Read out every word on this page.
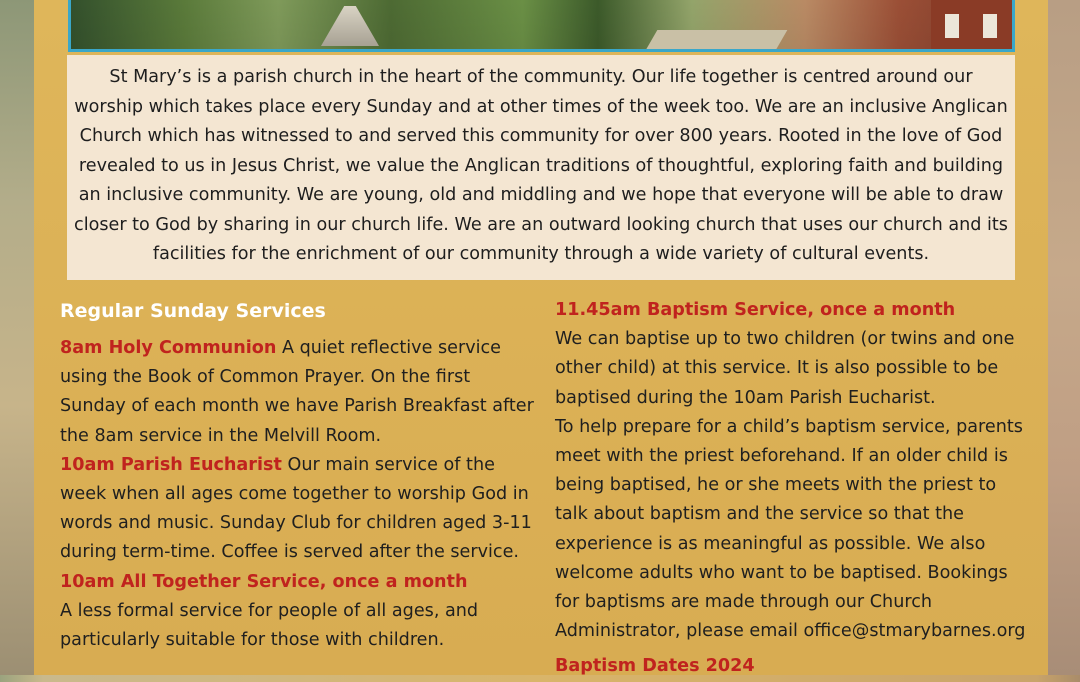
St Mary’s is a parish church in the heart of the community. Our life together is centred around our worship which takes place every Sunday and at other times of the week too. We are an inclusive Anglican Church which has witnessed to and served this community for over 800 years. Rooted in the love of God revealed to us in Jesus Christ, we value the Anglican traditions of thoughtful, exploring faith and building an inclusive community. We are young, old and middling and we hope that everyone will be able to draw closer to God by sharing in our church life. We are an outward looking church that uses our church and its facilities for the enrichment of our community through a wide variety of cultural events.

Regular Sunday Services

8am Holy Communion A quiet reflective service using the Book of Common Prayer. On the first Sunday of each month we have Parish Breakfast after the 8am service in the Melvill Room.

10am Parish Eucharist Our main service of the week when all ages come together to worship God in words and music. Sunday Club for children aged 3-11 during term-time. Coffee is served after the service.

10am All Together Service, once a month

A less formal service for people of all ages, and particularly suitable for those with children.

11.45am Baptism Service, once a month

We can baptise up to two children (or twins and one other child) at this service. It is also possible to be baptised during the 10am Parish Eucharist.

To help prepare for a child’s baptism service, parents meet with the priest beforehand. If an older child is being baptised, he or she meets with the priest to talk about baptism and the service so that the experience is as meaningful as possible. We also welcome adults who want to be baptised. Bookings for baptisms are made through our Church Administrator, please email office@stmarybarnes.org

Baptism Dates 2024
